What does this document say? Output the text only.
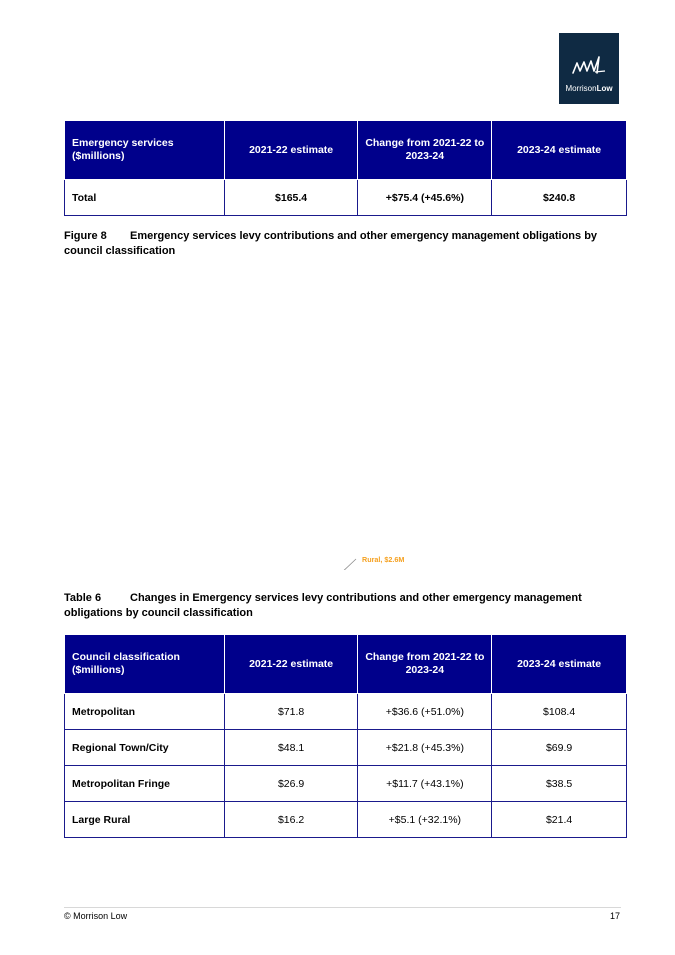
MorrisonLow
Emergency services ($millions)	2021-22 estimate	Change from 2021-22 to 2023-24	2023-24 estimate
Total	$165.4	+$75.4 (+45.6%)	$240.8
Figure 8 Emergency services levy contributions and other emergency management obligations by council classification
Rural, $2.6M
Table 6	Changes in Emergency services levy contributions and other emergency management obligations by council classification
Council classification ($millions)	2021-22 estimate	Change from 2021-22 to 2023-24	2023-24 estimate
Metropolitan	$71.8	+$36.6 (+51.0%)	$108.4
Regional Town/City	$48.1	+$21.8 (+45.3%)	$69.9
Metropolitan Fringe	$26.9	+$11.7 (+43.1%)	$38.5
Large Rural	$16.2	+$5.1 (+32.1%)	$21.4
© Morrison Low	17
